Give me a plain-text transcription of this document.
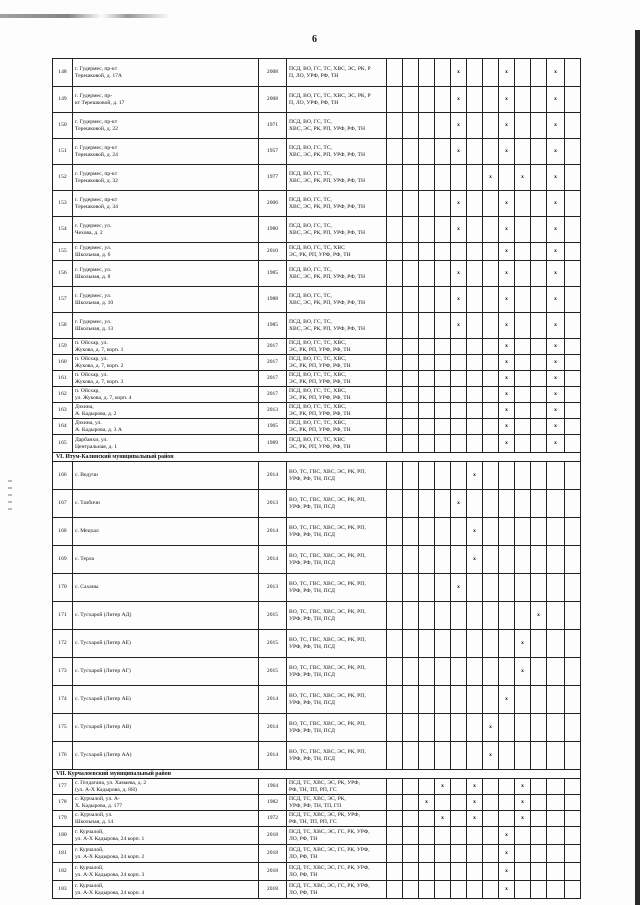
6
148	г. Гудермес, пр-кт
Терешковой, д. 17А	2008	ПСД, ВО, ГС, ТС, ХВС, ЭС, РК, Р
П, ЛО, УРФ, РФ, ТН					x			x			x	
149	г. Гудермес, пр-
кт Терешковой, д. 17	2008	ПСД, ВО, ГС, ТС, ХВС, ЭС, РК, Р
П, ЛО, УРФ, РФ, ТН					x			x			x	
150	г. Гудермес, пр-кт
Терешковой, д. 22	1971	ПСД, ВО, ГС, ТС,
ХВС, ЭС, РК, РП, УРФ, РФ, ТН					x			x			x	
151	г. Гудермес, пр-кт
Терешковой, д. 24	1957	ПСД, ВО, ГС, ТС,
ХВС, ЭС, РК, РП, УРФ, РФ, ТН					x			x			x	
152	г. Гудермес, пр-кт
Терешковой, д. 32	1977	ПСД, ВО, ГС, ТС,
ХВС, ЭС, РК, РП, УРФ, РФ, ТН							x		x		x	
153	г. Гудермес, пр-кт
Терешковой, д. 34	2006	ПСД, ВО, ГС, ТС,
ХВС, ЭС, РК, РП, УРФ, РФ, ТН					x			x			x	
154	г. Гудермес, ул.
Чехова, д. 2	1980	ПСД, ВО, ГС, ТС,
ХВС, ЭС, РК, РП, УРФ, РФ, ТН					x			x			x	
155	г. Гудермес, ул.
Школьная, д. 6	2010	ПСД, ВО, ГС, ТС, ХВС
ЭС, РК, РП, УРФ, РФ, ТН								x			x	
156	г. Гудермес, ул.
Школьная, д. 8	1985	ПСД, ВО, ГС, ТС,
ХВС, ЭС, РК, РП, УРФ, РФ, ТН					x			x			x	
157	г. Гудермес, ул.
Школьная, д. 10	1988	ПСД, ВО, ГС, ТС,
ХВС, ЭС, РК, РП, УРФ, РФ, ТН					x			x			x	
158	г. Гудермес, ул.
Школьная, д. 13	1985	ПСД, ВО, ГС, ТС,
ХВС, ЭС, РК, РП, УРФ, РФ, ТН					x			x			x	
159	п. Ойсхар, ул.
Жукова, д. 7, корп. 1	2017	ПСД, ВО, ГС, ТС, ХВС,
ЭС, РК, РП, УРФ, РФ, ТН								x			x	
160	п. Ойсхар, ул.
Жукова, д. 7, корп. 2	2017	ПСД, ВО, ГС, ТС, ХВС,
ЭС, РК, РП, УРФ, РФ, ТН								x			x	
161	п. Ойсхар, ул.
Жукова, д. 7, корп. 3	2017	ПСД, ВО, ГС, ТС, ХВС,
ЭС, РК, РП, УРФ, РФ, ТН								x			x	
162	п. Ойсхар,
ул. Жукова, д. 7, корп. 4	2017	ПСД, ВО, ГС, ТС, ХВС,
ЭС, РК, РП, УРФ, РФ, ТН								x			x	
163	Дэхина,
А. Кадырова, д. 2	2013	ПСД, ВО, ГС, ТС, ХВС,
ЭС, РК, РП, УРФ, РФ, ТН								x			x	
164	Дэхина, ул.
А. Кадырова, д. 3 А	1965	ПСД, ВО, ГС, ТС, ХВС,
ЭС, РК, РП, УРФ, РФ, ТН								x			x	
165	Дарбанхи, ул.
Центральная, д. 1	1989	ПСД, ВО, ГС, ТС, ХВС
ЭС, РК, РП, УРФ, РФ, ТН								x			x	
VI. Итум-Калинский муниципальный район															
166	с. Ведучи	2014	ВО, ТС, ГВС, ХВС, ЭС, РК, РП,
УРФ, РФ, ТН, ПСД						x						
167	с. Тазбичи	2013	ВО, ТС, ГВС, ХВС, ЭС, РК, РП,
УРФ, РФ, ТН, ПСД					x							
168	с. Мецхал	2014	ВО, ТС, ГВС, ХВС, ЭС, РК, РП,
УРФ, РФ, ТН, ПСД						x						
169	с. Терла	2014	ВО, ТС, ГВС, ХВС, ЭС, РК, РП,
УРФ, РФ, ТН, ПСД						x						
170	с. Саханы	2013	ВО, ТС, ГВС, ХВС, ЭС, РК, РП,
УРФ, РФ, ТН, ПСД					x							
171	с. Тусхарой (Литер АД)	2015	ВО, ТС, ГВС, ХВС, ЭС, РК, РП,
УРФ, РФ, ТН, ПСД										x		
172	с. Тусхарой (Литер АЕ)	2015	ВО, ТС, ГВС, ХВС, ЭС, РК, РП,
УРФ, РФ, ТН, ПСД									x			
173	с. Тусхарой (Литер АГ)	2015	ВО, ТС, ГВС, ХВС, ЭС, РК, РП,
УРФ, РФ, ТН, ПСД									x			
174	с. Тусхарой (Литер АБ)	2014	ВО, ТС, ГВС, ХВС, ЭС, РК, РП,
УРФ, РФ, ТН, ПСД								x				
175	с. Тусхарой (Литер АВ)	2014	ВО, ТС, ГВС, ХВС, ЭС, РК, РП,
УРФ, РФ, ТН, ПСД							x					
176	с. Тусхарой (Литер АА)	2014	ВО, ТС, ГВС, ХВС, ЭС, РК, РП,
УРФ, РФ, ТН, ПСД							x					
VII. Курчалоевский муниципальный район															
177	с. Гелдагана, ул. Хамаева, д. 2
(ул. А-Х Кадырова, д. 8Н)	1964	ПСД, ТС, ХВС, ЭС, РК, УРФ,
РФ, ТН, ТП, РП, ГС				x		x			x			
178	с. Курчалой, ул. А-
Х. Кадырова, д. 177	1982	ПСД, ТС, ХВС, ЭС, РК,
УРФ, РФ, ТН, ТП, ГП			x			x			x			
179	с. Курчалой, ул.
Школьная, д. 14	1972	ПСД, ТС, ХВС, ЭС, РК, УРФ,
РФ, ТН, ТП, РП, ГС				x		x			x			
180	г. Курчалой,
ул. А-Х Кадырова, 24 корп. 1	2018	ПСД, ТС, ХВС, ЭС, ГС, РК, УРФ,
ЛО, РФ, ТН								x				
181	г. Курчалой,
ул. А-Х Кадырова, 24 корп. 2	2018	ПСД, ТС, ХВС, ЭС, ГС, РК, УРФ,
ЛО, РФ, ТН								x				
182	г. Курчалой,
ул. А-Х Кадырова, 24 корп. 3	2018	ПСД, ТС, ХВС, ЭС, ГС, РК, УРФ,
ЛО, РФ, ТН								x				
183	г. Курчалой,
ул. А-Х Кадырова, 24 корп. 4	2018	ПСД, ТС, ХВС, ЭС, ГС, РК, УРФ,
ЛО, РФ, ТН								x				
